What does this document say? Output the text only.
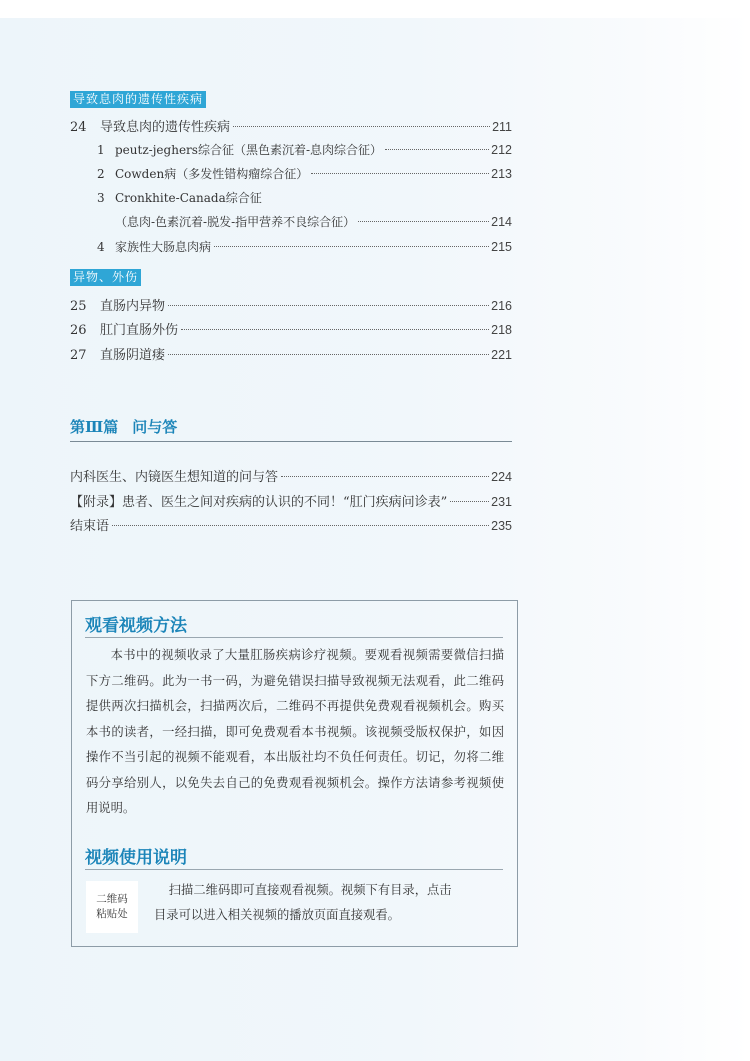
导致息肉的遗传性疾病
24	导致息肉的遗传性疾病	211
1 peutz-jeghers综合征（黑色素沉着-息肉综合征）	212
2 Cowden病（多发性错构瘤综合征）	213
3 Cronkhite-Canada综合征
（息肉-色素沉着-脱发-指甲营养不良综合征）	214
4 家族性大肠息肉病	215
异物、外伤
25	直肠内异物	216
26	肛门直肠外伤	218
27	直肠阴道瘘	221
第Ⅲ篇 问与答
内科医生、内镜医生想知道的问与答	224
【附录】患者、医生之间对疾病的认识的不同！“肛门疾病问诊表”	231
结束语	235
观看视频方法
本书中的视频收录了大量肛肠疾病诊疗视频。要观看视频需要微信扫描下方二维码。此为一书一码，为避免错误扫描导致视频无法观看，此二维码提供两次扫描机会，扫描两次后，二维码不再提供免费观看视频机会。购买本书的读者，一经扫描，即可免费观看本书视频。该视频受版权保护，如因操作不当引起的视频不能观看，本出版社均不负任何责任。切记，勿将二维码分享给别人，以免失去自己的免费观看视频机会。操作方法请参考视频使用说明。
视频使用说明
二维码
粘贴处
扫描二维码即可直接观看视频。视频下有目录，点击
目录可以进入相关视频的播放页面直接观看。
